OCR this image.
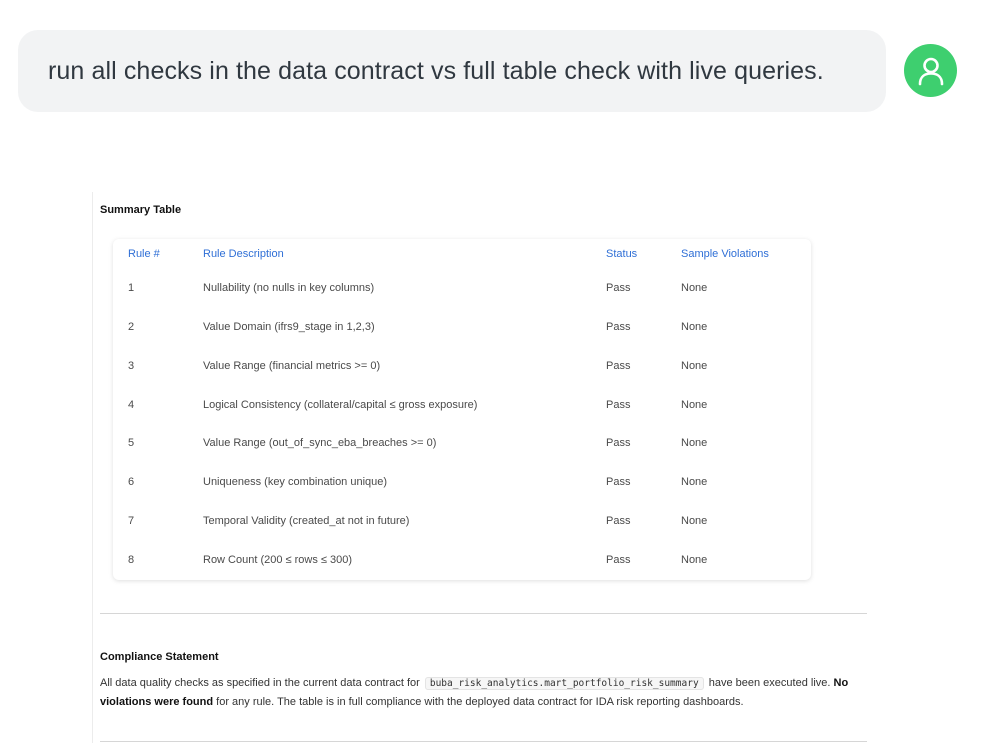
run all checks in the data contract vs full table check with live queries.
Summary Table
Rule #	Rule Description	Status	Sample Violations
1	Nullability (no nulls in key columns)	Pass	None
2	Value Domain (ifrs9_stage in 1,2,3)	Pass	None
3	Value Range (financial metrics >= 0)	Pass	None
4	Logical Consistency (collateral/capital ≤ gross exposure)	Pass	None
5	Value Range (out_of_sync_eba_breaches >= 0)	Pass	None
6	Uniqueness (key combination unique)	Pass	None
7	Temporal Validity (created_at not in future)	Pass	None
8	Row Count (200 ≤ rows ≤ 300)	Pass	None
Compliance Statement
All data quality checks as specified in the current data contract for buba_risk_analytics.mart_portfolio_risk_summary have been executed live. No violations were found for any rule. The table is in full compliance with the deployed data contract for IDA risk reporting dashboards.
